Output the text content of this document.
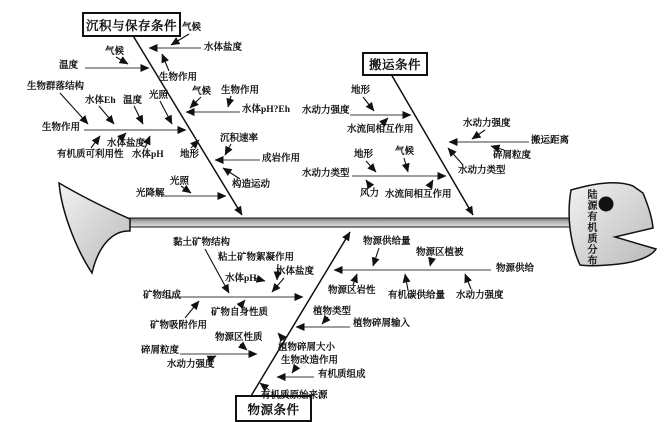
沉积与保存条件
搬运条件
物源条件
陆源有机质分布
气候
水体盐度
生物作用
气候
温度
生物群落结构
水体Eh 温度 光照
生物作用
有机质可利用性
水体盐度
水体pH 地形
气候 生物作用
水体pH?Eh
沉积速率
成岩作用
构造运动
光照
光降解
地形
水动力强度
水流间相互作用
地形 气候
水动力类型
风力 水流间相互作用
水动力强度
搬运距离
碎屑粒度
水动力类型
黏土矿物结构
粘土矿物絮凝作用
水体pH
水体盐度
矿物组成
矿物吸附作用
矿物自身性质
物源区性质
碎屑粒度
水动力强度
物源供给量
物源区植被
物源供给
物源区岩性 有机碳供给量 水动力强度
植物类型
植物碎屑输入
植物碎屑大小
生物改造作用
有机质组成
有机质原始来源
